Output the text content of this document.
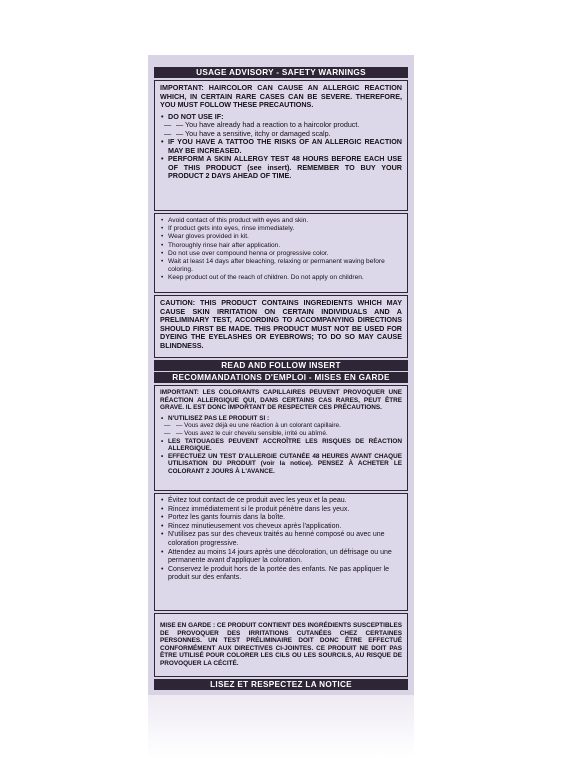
USAGE ADVISORY - SAFETY WARNINGS

IMPORTANT: HAIRCOLOR CAN CAUSE AN ALLERGIC REACTION WHICH, IN CERTAIN RARE CASES CAN BE SEVERE. THEREFORE, YOU MUST FOLLOW THESE PRECAUTIONS.

• DO NOT USE IF:
— — You have already had a reaction to a haircolor product.
— — You have a sensitive, itchy or damaged scalp.
• IF YOU HAVE A TATTOO THE RISKS OF AN ALLERGIC REACTION MAY BE INCREASED.
• PERFORM A SKIN ALLERGY TEST 48 HOURS BEFORE EACH USE OF THIS PRODUCT (see insert). REMEMBER TO BUY YOUR PRODUCT 2 DAYS AHEAD OF TIME.
• Avoid contact of this product with eyes and skin.
• If product gets into eyes, rinse immediately.
• Wear gloves provided in kit.
• Thoroughly rinse hair after application.
• Do not use over compound henna or progressive color.
• Wait at least 14 days after bleaching, relaxing or permanent waving before coloring.
• Keep product out of the reach of children. Do not apply on children.

CAUTION: THIS PRODUCT CONTAINS INGREDIENTS WHICH MAY CAUSE SKIN IRRITATION ON CERTAIN INDIVIDUALS AND A PRELIMINARY TEST, ACCORDING TO ACCOMPANYING DIRECTIONS SHOULD FIRST BE MADE. THIS PRODUCT MUST NOT BE USED FOR DYEING THE EYELASHES OR EYEBROWS; TO DO SO MAY CAUSE BLINDNESS.

READ AND FOLLOW INSERT
RECOMMANDATIONS D'EMPLOI - MISES EN GARDE

IMPORTANT: LES COLORANTS CAPILLAIRES PEUVENT PROVOQUER UNE RÉACTION ALLERGIQUE QUI, DANS CERTAINS CAS RARES, PEUT ÊTRE GRAVE. IL EST DONC IMPORTANT DE RESPECTER CES PRÉCAUTIONS.

• N'UTILISEZ PAS LE PRODUIT SI :
— — Vous avez déjà eu une réaction à un colorant capillaire.
— — Vous avez le cuir chevelu sensible, irrité ou abîmé.
• LES TATOUAGES PEUVENT ACCROÎTRE LES RISQUES DE RÉACTION ALLERGIQUE.
• EFFECTUEZ UN TEST D'ALLERGIE CUTANÉE 48 HEURES AVANT CHAQUE UTILISATION DU PRODUIT (voir la notice). PENSEZ À ACHETER LE COLORANT 2 JOURS À L'AVANCE.
• Évitez tout contact de ce produit avec les yeux et la peau.
• Rincez immédiatement si le produit pénètre dans les yeux.
• Portez les gants fournis dans la boîte.
• Rincez minutieusement vos cheveux après l'application.
• N'utilisez pas sur des cheveux traités au henné composé ou avec une coloration progressive.
• Attendez au moins 14 jours après une décoloration, un défrisage ou une permanente avant d'appliquer la coloration.
• Conservez le produit hors de la portée des enfants. Ne pas appliquer le produit sur des enfants.

MISE EN GARDE : CE PRODUIT CONTIENT DES INGRÉDIENTS SUSCEPTIBLES DE PROVOQUER DES IRRITATIONS CUTANÉES CHEZ CERTAINES PERSONNES. UN TEST PRÉLIMINAIRE DOIT DONC ÊTRE EFFECTUÉ CONFORMÉMENT AUX DIRECTIVES CI-JOINTES. CE PRODUIT NE DOIT PAS ÊTRE UTILISÉ POUR COLORER LES CILS OU LES SOURCILS, AU RISQUE DE PROVOQUER LA CÉCITÉ.

LISEZ ET RESPECTEZ LA NOTICE
